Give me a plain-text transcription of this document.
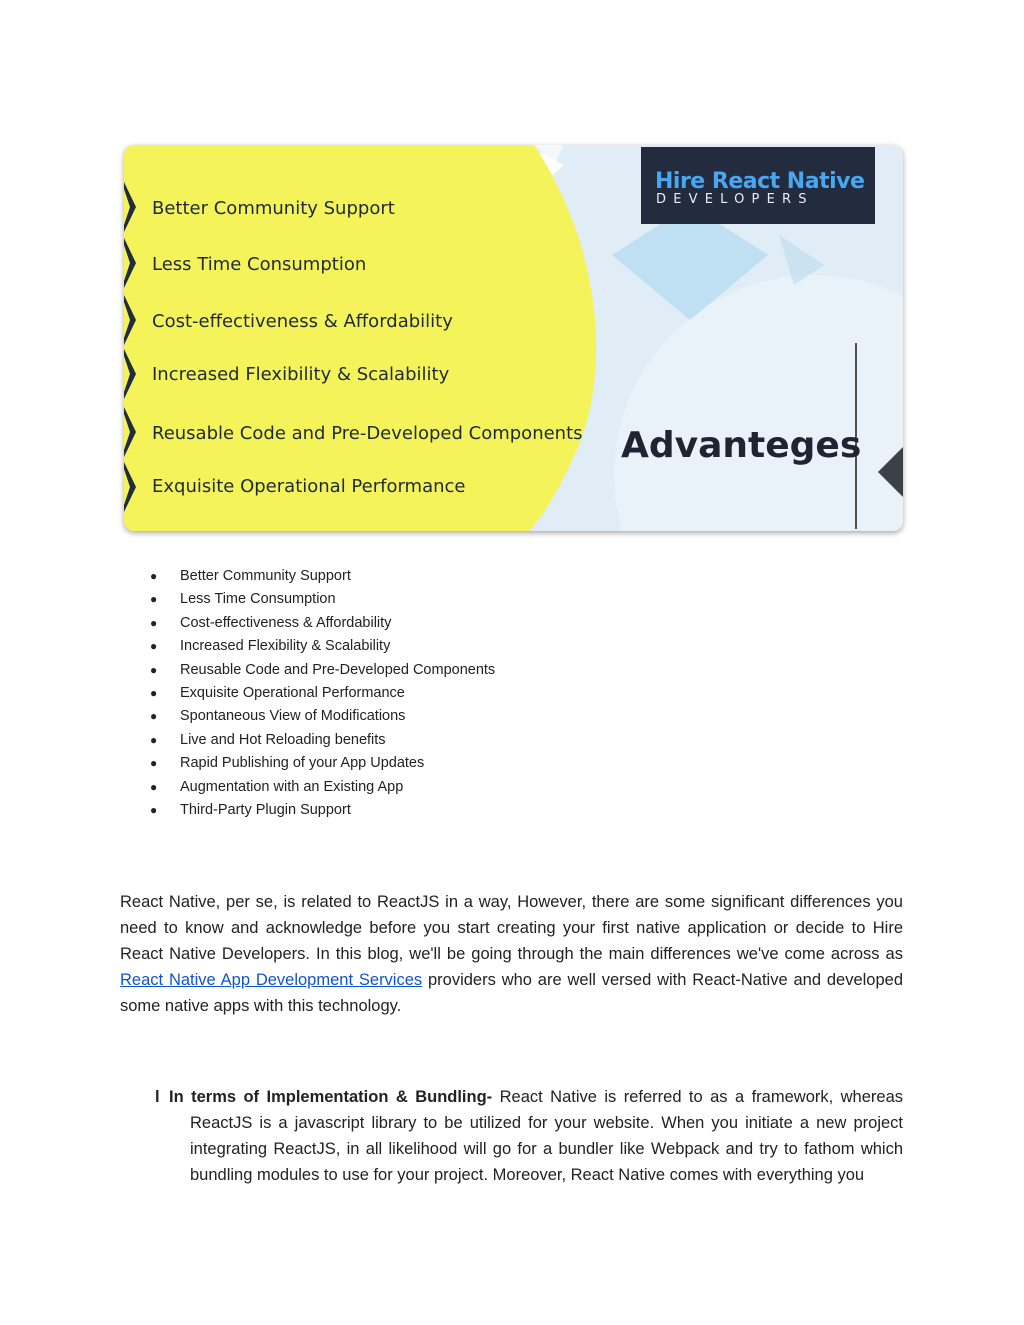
Better Community Support
Less Time Consumption
Cost-effectiveness & Affordability
Increased Flexibility & Scalability
Reusable Code and Pre-Developed Components
Exquisite Operational Performance
Hire React Native
DEVELOPERS
Advanteges
● Better Community Support
● Less Time Consumption
● Cost-effectiveness & Affordability
● Increased Flexibility & Scalability
● Reusable Code and Pre-Developed Components
● Exquisite Operational Performance
● Spontaneous View of Modifications
● Live and Hot Reloading benefits
● Rapid Publishing of your App Updates
● Augmentation with an Existing App
● Third-Party Plugin Support

React Native, per se, is related to ReactJS in a way, However, there are some significant differences you need to know and acknowledge before you start creating your first native application or decide to Hire React Native Developers. In this blog, we'll be going through the main differences we've come across as React Native App Development Services providers who are well versed with React-Native and developed some native apps with this technology.

l In terms of Implementation & Bundling- React Native is referred to as a framework, whereas ReactJS is a javascript library to be utilized for your website. When you initiate a new project integrating ReactJS, in all likelihood will go for a bundler like Webpack and try to fathom which bundling modules to use for your project. Moreover, React Native comes with everything you
